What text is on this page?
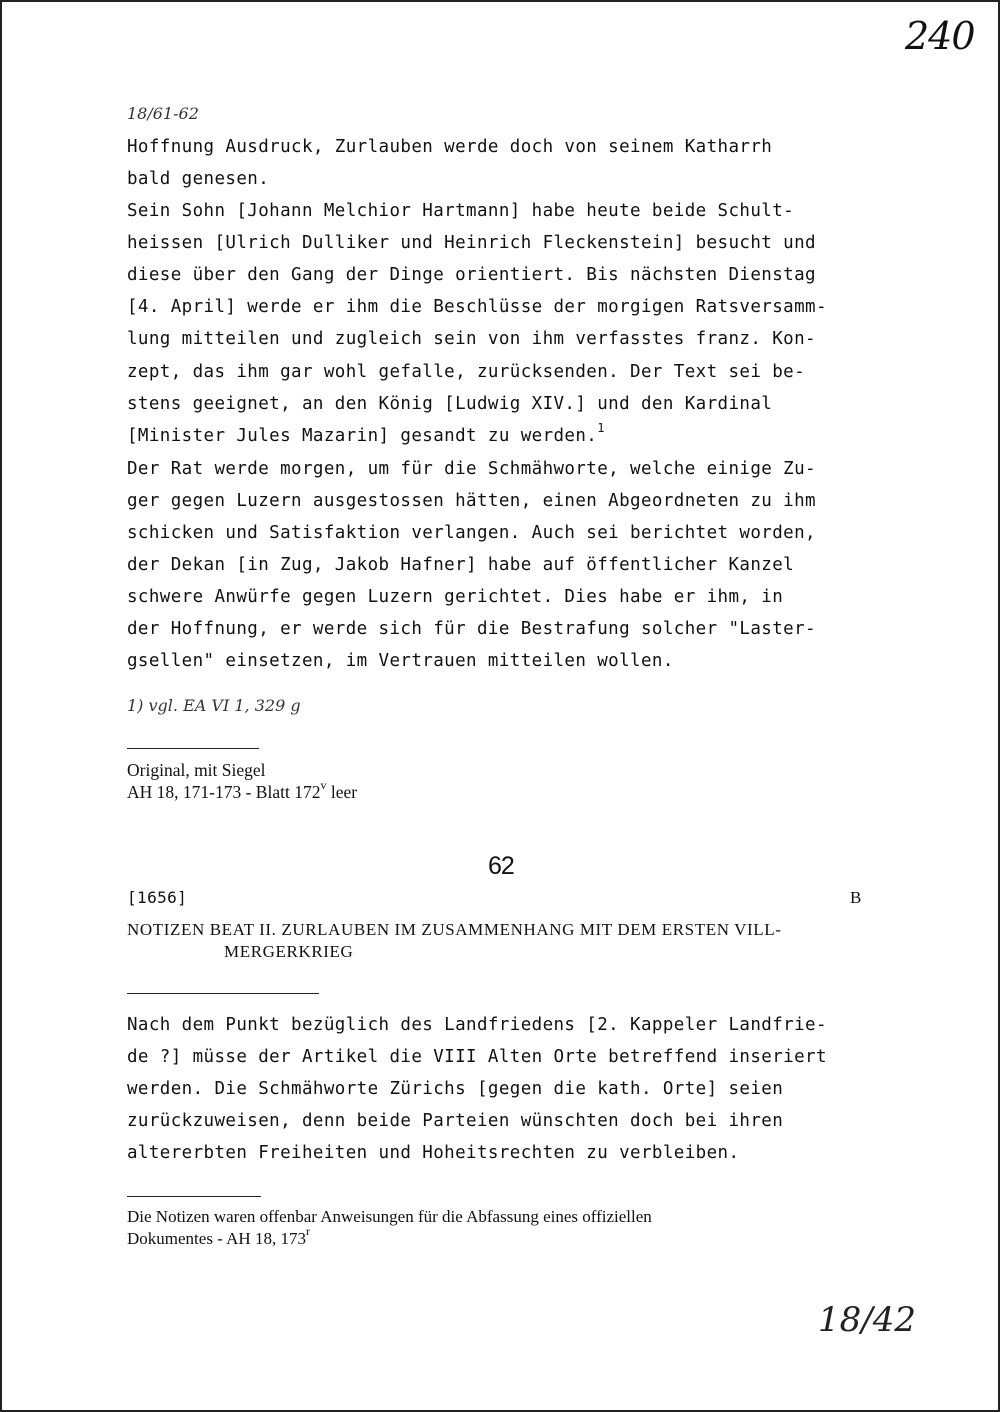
240
18/61-62
Hoffnung Ausdruck, Zurlauben werde doch von seinem Katharrh
bald genesen.
Sein Sohn [Johann Melchior Hartmann] habe heute beide Schult-
heissen [Ulrich Dulliker und Heinrich Fleckenstein] besucht und
diese über den Gang der Dinge orientiert. Bis nächsten Dienstag
[4. April] werde er ihm die Beschlüsse der morgigen Ratsversamm-
lung mitteilen und zugleich sein von ihm verfasstes franz. Kon-
zept, das ihm gar wohl gefalle, zurücksenden. Der Text sei be-
stens geeignet, an den König [Ludwig XIV.] und den Kardinal
[Minister Jules Mazarin] gesandt zu werden.$^1$
Der Rat werde morgen, um für die Schmähworte, welche einige Zu-
ger gegen Luzern ausgestossen hätten, einen Abgeordneten zu ihm
schicken und Satisfaktion verlangen. Auch sei berichtet worden,
der Dekan [in Zug, Jakob Hafner] habe auf öffentlicher Kanzel
schwere Anwürfe gegen Luzern gerichtet. Dies habe er ihm, in
der Hoffnung, er werde sich für die Bestrafung solcher "Laster-
gsellen" einsetzen, im Vertrauen mitteilen wollen.
1) vgl. EA VI 1, 329 g
Original, mit Siegel
AH 18, 171-173 - Blatt 172$^v$ leer
62
[1656]	B
NOTIZEN BEAT II. ZURLAUBEN IM ZUSAMMENHANG MIT DEM ERSTEN VILL-
MERGERKRIEG
Nach dem Punkt bezüglich des Landfriedens [2. Kappeler Landfrie-
de ?] müsse der Artikel die VIII Alten Orte betreffend inseriert
werden. Die Schmähworte Zürichs [gegen die kath. Orte] seien
zurückzuweisen, denn beide Parteien wünschten doch bei ihren
altererbten Freiheiten und Hoheitsrechten zu verbleiben.
Die Notizen waren offenbar Anweisungen für die Abfassung eines offiziellen
Dokumentes - AH 18, 173$^r$
18/42
